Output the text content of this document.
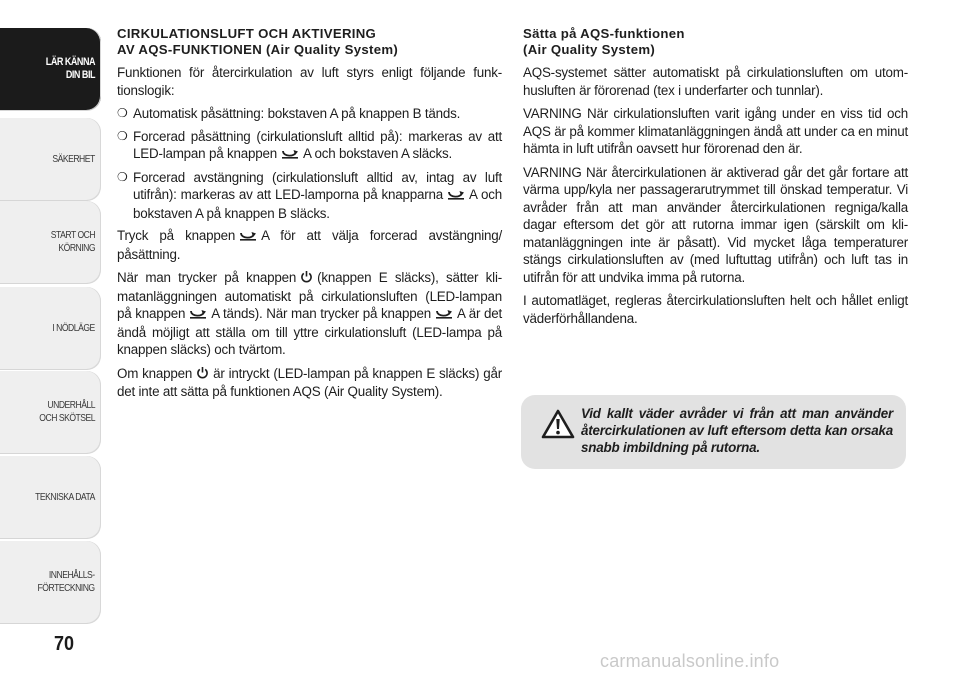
LÄR KÄNNA
DIN BIL
SÄKERHET
START OCH
KÖRNING
I NÖDLÄGE
UNDERHÅLL
OCH SKÖTSEL
TEKNISKA DATA
INNEHÅLLS-
FÖRTECKNING
70
CIRKULATIONSLUFT OCH AKTIVERING
AV AQS-FUNKTIONEN (Air Quality System)

Funktionen för återcirkulation av luft styrs enligt följande funk-tionslogik:

❍ Automatisk påsättning: bokstaven A på knappen B tänds.
❍ Forcerad påsättning (cirkulationsluft alltid på): markeras av att LED-lampan på knappen A och bokstaven A släcks.
❍ Forcerad avstängning (cirkulationsluft alltid av, intag av luft utifrån): markeras av att LED-lamporna på knapparna A och bokstaven A på knappen B släcks.

Tryck på knappen A för att välja forcerad avstängning/ påsättning.

När man trycker på knappen (knappen E släcks), sätter kli-matanläggningen automatiskt på cirkulationsluften (LED-lampan på knappen A tänds). När man trycker på knappen A är det ändå möjligt att ställa om till yttre cirkulationsluft (LED-lampa på knappen släcks) och tvärtom.

Om knappen är intryckt (LED-lampan på knappen E släcks) går det inte att sätta på funktionen AQS (Air Quality System).

Sätta på AQS-funktionen
(Air Quality System)

AQS-systemet sätter automatiskt på cirkulationsluften om utom-husluften är förorenad (tex i underfarter och tunnlar).

VARNING När cirkulationsluften varit igång under en viss tid och AQS är på kommer klimatanläggningen ändå att under ca en minut hämta in luft utifrån oavsett hur förorenad den är.

VARNING När återcirkulationen är aktiverad går det går fortare att värma upp/kyla ner passagerarutrymmet till önskad temperatur. Vi avråder från att man använder återcirkulationen regniga/kalla dagar eftersom det gör att rutorna immar igen (särskilt om kli-matanläggningen inte är påsatt). Vid mycket låga temperaturer stängs cirkulationsluften av (med luftuttag utifrån) och luft tas in utifrån för att undvika imma på rutorna.

I automatläget, regleras återcirkulationsluften helt och hållet enligt väderförhållandena.

Vid kallt väder avråder vi från att man använder återcirkulationen av luft eftersom detta kan orsaka snabb imbildning på rutorna.
carmanualsonline.info
